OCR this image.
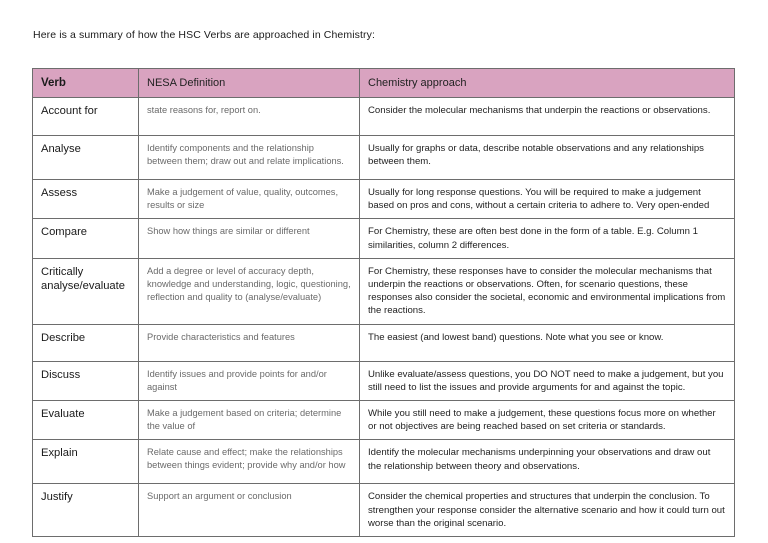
Here is a summary of how the HSC Verbs are approached in Chemistry:
Verb	NESA Definition	Chemistry approach
Account for	state reasons for, report on.	Consider the molecular mechanisms that underpin the reactions or observations.
Analyse	Identify components and the relationship between them; draw out and relate implications.	Usually for graphs or data, describe notable observations and any relationships between them.
Assess	Make a judgement of value, quality, outcomes, results or size	Usually for long response questions. You will be required to make a judgement based on pros and cons, without a certain criteria to adhere to. Very open-ended
Compare	Show how things are similar or different	For Chemistry, these are often best done in the form of a table. E.g. Column 1 similarities, column 2 differences.
Critically analyse/evaluate	Add a degree or level of accuracy depth, knowledge and understanding, logic, questioning, reflection and quality to (analyse/evaluate)	For Chemistry, these responses have to consider the molecular mechanisms that underpin the reactions or observations. Often, for scenario questions, these responses also consider the societal, economic and environmental implications from the reactions.
Describe	Provide characteristics and features	The easiest (and lowest band) questions. Note what you see or know.
Discuss	Identify issues and provide points for and/or against	Unlike evaluate/assess questions, you DO NOT need to make a judgement, but you still need to list the issues and provide arguments for and against the topic.
Evaluate	Make a judgement based on criteria; determine the value of	While you still need to make a judgement, these questions focus more on whether or not objectives are being reached based on set criteria or standards.
Explain	Relate cause and effect; make the relationships between things evident; provide why and/or how	Identify the molecular mechanisms underpinning your observations and draw out the relationship between theory and observations.
Justify	Support an argument or conclusion	Consider the chemical properties and structures that underpin the conclusion. To strengthen your response consider the alternative scenario and how it could turn out worse than the original scenario.
